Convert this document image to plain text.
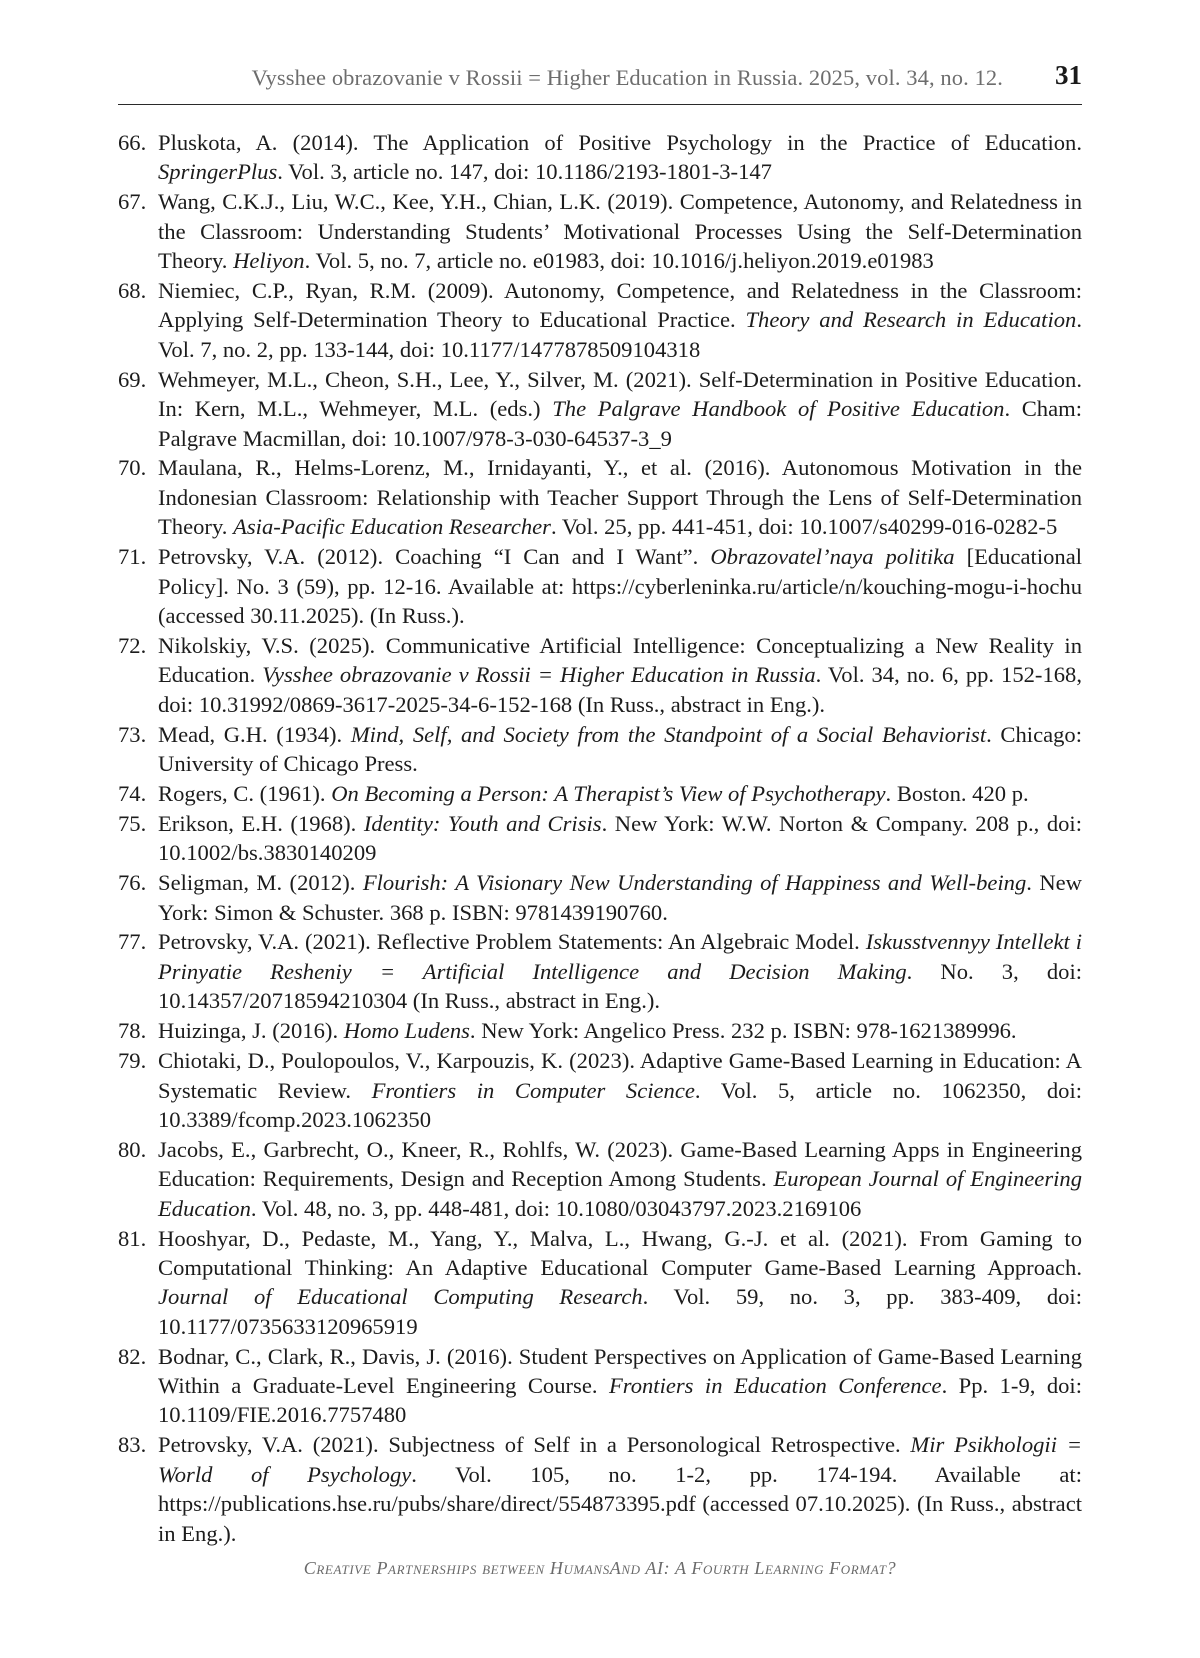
Vysshee obrazovanie v Rossii = Higher Education in Russia. 2025, vol. 34, no. 12. 31
66. Pluskota, A. (2014). The Application of Positive Psychology in the Practice of Education. SpringerPlus. Vol. 3, article no. 147, doi: 10.1186/2193-1801-3-147
67. Wang, C.K.J., Liu, W.C., Kee, Y.H., Chian, L.K. (2019). Competence, Autonomy, and Relatedness in the Classroom: Understanding Students’ Motivational Processes Using the Self-Determination Theory. Heliyon. Vol. 5, no. 7, article no. e01983, doi: 10.1016/j.heliyon.2019.e01983
68. Niemiec, C.P., Ryan, R.M. (2009). Autonomy, Competence, and Relatedness in the Classroom: Applying Self-Determination Theory to Educational Practice. Theory and Research in Education. Vol. 7, no. 2, pp. 133-144, doi: 10.1177/1477878509104318
69. Wehmeyer, M.L., Cheon, S.H., Lee, Y., Silver, M. (2021). Self-Determination in Positive Education. In: Kern, M.L., Wehmeyer, M.L. (eds.) The Palgrave Handbook of Positive Education. Cham: Palgrave Macmillan, doi: 10.1007/978-3-030-64537-3_9
70. Maulana, R., Helms-Lorenz, M., Irnidayanti, Y., et al. (2016). Autonomous Motivation in the Indonesian Classroom: Relationship with Teacher Support Through the Lens of Self-Determination Theory. Asia-Pacific Education Researcher. Vol. 25, pp. 441-451, doi: 10.1007/s40299-016-0282-5
71. Petrovsky, V.A. (2012). Coaching “I Can and I Want”. Obrazovatel’naya politika [Educational Policy]. No. 3 (59), pp. 12-16. Available at: https://cyberleninka.ru/article/n/kouching-mogu-i-hochu (accessed 30.11.2025). (In Russ.).
72. Nikolskiy, V.S. (2025). Communicative Artificial Intelligence: Conceptualizing a New Reality in Education. Vysshee obrazovanie v Rossii = Higher Education in Russia. Vol. 34, no. 6, pp. 152-168, doi: 10.31992/0869-3617-2025-34-6-152-168 (In Russ., abstract in Eng.).
73. Mead, G.H. (1934). Mind, Self, and Society from the Standpoint of a Social Behaviorist. Chicago: University of Chicago Press.
74. Rogers, C. (1961). On Becoming a Person: A Therapist’s View of Psychotherapy. Boston. 420 p.
75. Erikson, E.H. (1968). Identity: Youth and Crisis. New York: W.W. Norton & Company. 208 p., doi: 10.1002/bs.3830140209
76. Seligman, M. (2012). Flourish: A Visionary New Understanding of Happiness and Well-being. New York: Simon & Schuster. 368 p. ISBN: 9781439190760.
77. Petrovsky, V.A. (2021). Reflective Problem Statements: An Algebraic Model. Iskusstvennyy Intellekt i Prinyatie Resheniy = Artificial Intelligence and Decision Making. No. 3, doi: 10.14357/20718594210304 (In Russ., abstract in Eng.).
78. Huizinga, J. (2016). Homo Ludens. New York: Angelico Press. 232 p. ISBN: 978-1621389996.
79. Chiotaki, D., Poulopoulos, V., Karpouzis, K. (2023). Adaptive Game-Based Learning in Education: A Systematic Review. Frontiers in Computer Science. Vol. 5, article no. 1062350, doi: 10.3389/fcomp.2023.1062350
80. Jacobs, E., Garbrecht, O., Kneer, R., Rohlfs, W. (2023). Game-Based Learning Apps in Engineering Education: Requirements, Design and Reception Among Students. European Journal of Engineering Education. Vol. 48, no. 3, pp. 448-481, doi: 10.1080/03043797.2023.2169106
81. Hooshyar, D., Pedaste, M., Yang, Y., Malva, L., Hwang, G.-J. et al. (2021). From Gaming to Computational Thinking: An Adaptive Educational Computer Game-Based Learning Approach. Journal of Educational Computing Research. Vol. 59, no. 3, pp. 383-409, doi: 10.1177/0735633120965919
82. Bodnar, C., Clark, R., Davis, J. (2016). Student Perspectives on Application of Game-Based Learning Within a Graduate-Level Engineering Course. Frontiers in Education Conference. Pp. 1-9, doi: 10.1109/FIE.2016.7757480
83. Petrovsky, V.A. (2021). Subjectness of Self in a Personological Retrospective. Mir Psikhologii = World of Psychology. Vol. 105, no. 1-2, pp. 174-194. Available at: https://publications.hse.ru/pubs/share/direct/554873395.pdf (accessed 07.10.2025). (In Russ., abstract in Eng.).
Creative Partnerships between HumansAnd AI: A Fourth Learning Format?
